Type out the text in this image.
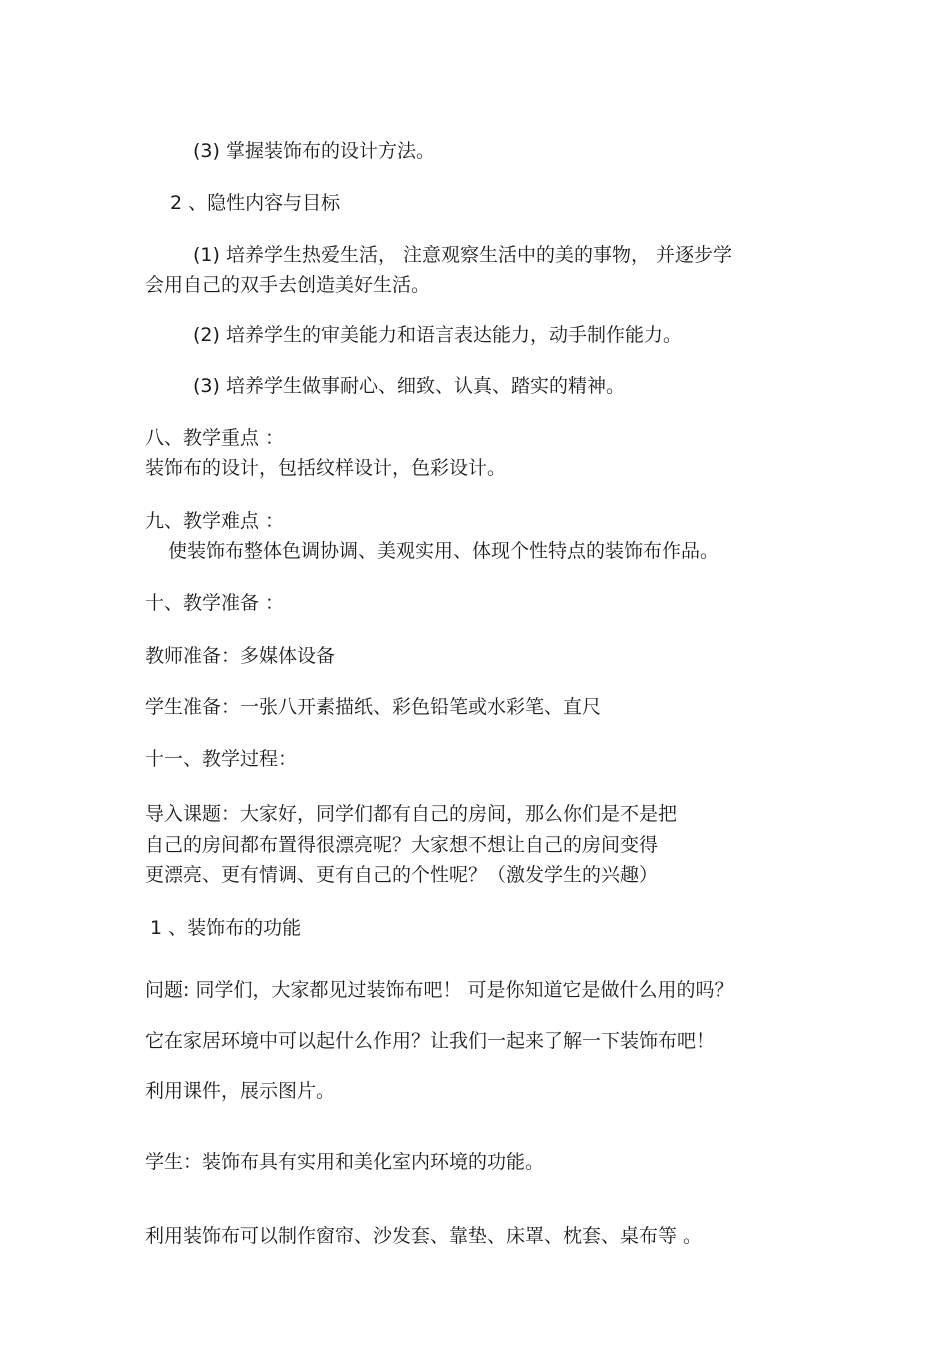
(3) 掌握装饰布的设计方法。

2 、隐性内容与目标

(1) 培养学生热爱生活， 注意观察生活中的美的事物， 并逐步学

会用自己的双手去创造美好生活。

(2) 培养学生的审美能力和语言表达能力，动手制作能力。

(3) 培养学生做事耐心、细致、认真、踏实的精神。

八、教学重点 ：

装饰布的设计，包括纹样设计，色彩设计。

九、教学难点 ：

使装饰布整体色调协调、美观实用、体现个性特点的装饰布作品。

十、教学准备 ：

教师准备：多媒体设备

学生准备：一张八开素描纸、彩色铅笔或水彩笔、直尺

十一、教学过程：

导入课题：大家好，同学们都有自己的房间，那么你们是不是把

自己的房间都布置得很漂亮呢？大家想不想让自己的房间变得

更漂亮、更有情调、更有自己的个性呢？（激发学生的兴趣）

1 、装饰布的功能

问题: 同学们，大家都见过装饰布吧！ 可是你知道它是做什么用的吗？

它在家居环境中可以起什么作用？让我们一起来了解一下装饰布吧！

利用课件，展示图片。

学生：装饰布具有实用和美化室内环境的功能。

利用装饰布可以制作窗帘、沙发套、靠垫、床罩、枕套、桌布等 。
